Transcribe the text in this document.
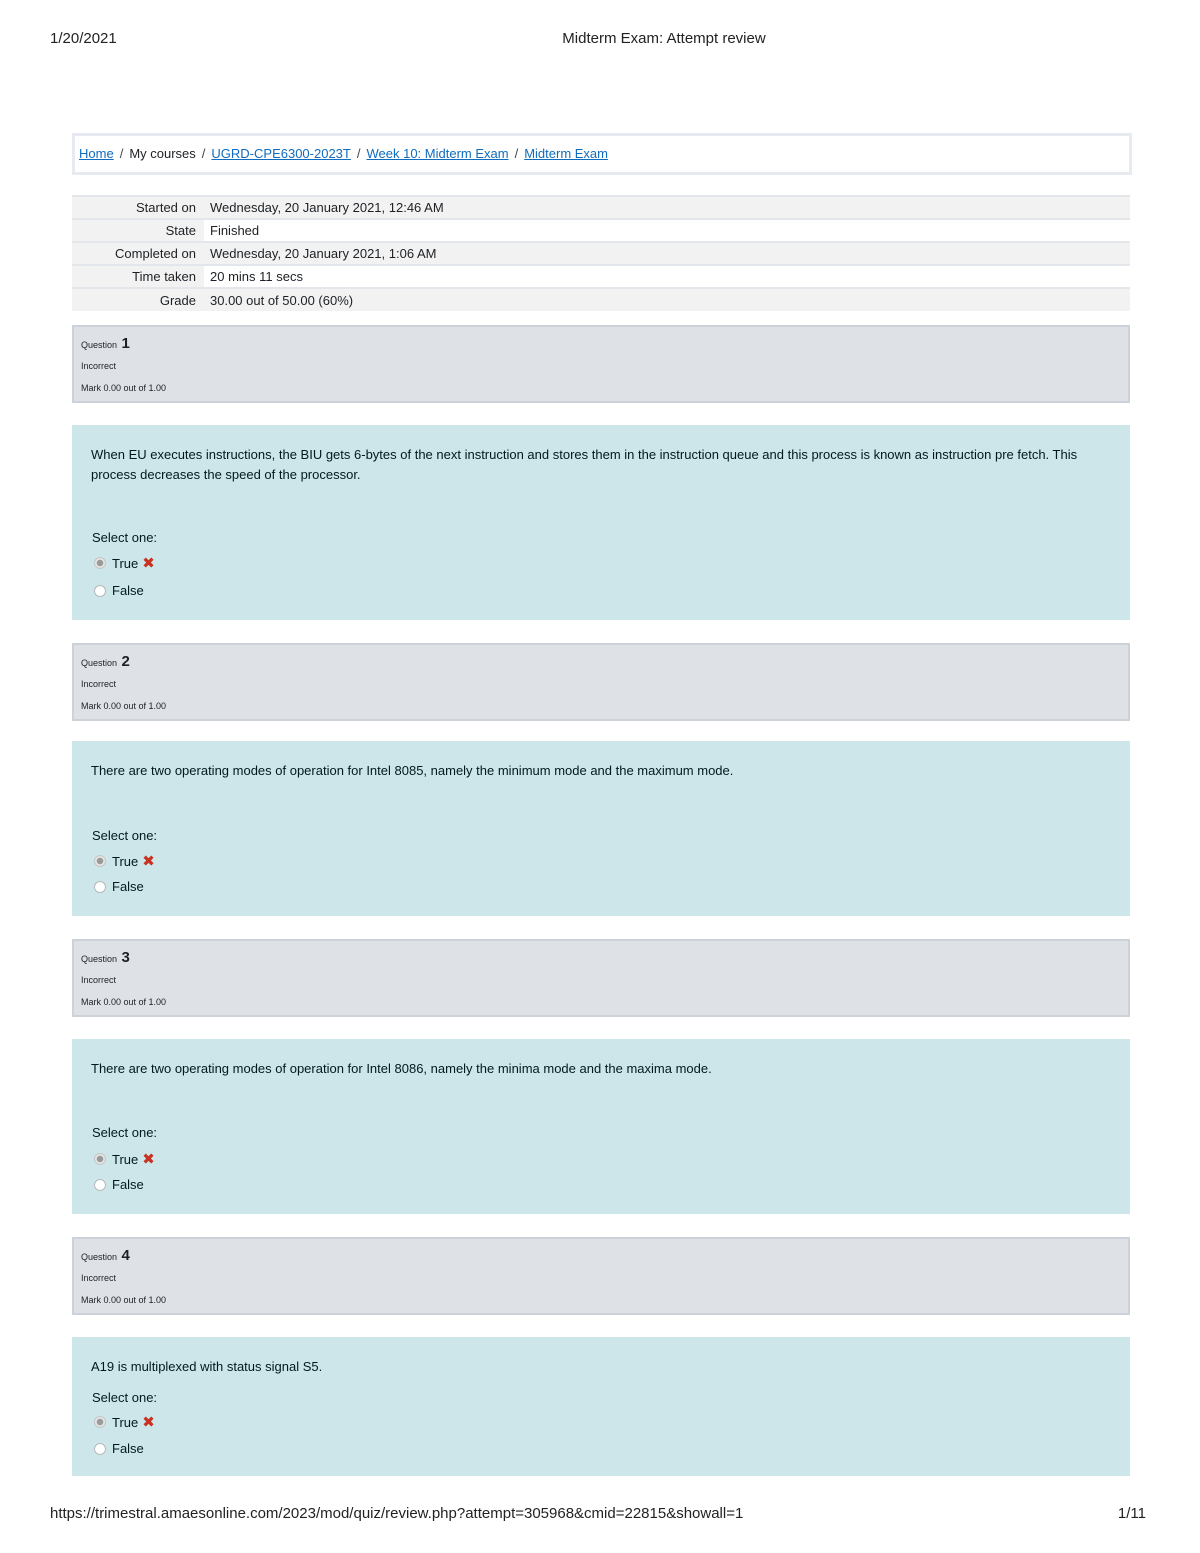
1/20/2021	Midterm Exam: Attempt review
Home / My courses / UGRD-CPE6300-2023T / Week 10: Midterm Exam / Midterm Exam
Started on	Wednesday, 20 January 2021, 12:46 AM
State	Finished
Completed on	Wednesday, 20 January 2021, 1:06 AM
Time taken	20 mins 11 secs
Grade	30.00 out of 50.00 (60%)
Question 1
Incorrect
Mark 0.00 out of 1.00
When EU executes instructions, the BIU gets 6-bytes of the next instruction and stores them in the instruction queue and this process is known as instruction pre fetch. This process decreases the speed of the processor.
Select one:
True ✖
False
Question 2
Incorrect
Mark 0.00 out of 1.00
There are two operating modes of operation for Intel 8085, namely the minimum mode and the maximum mode.
Select one:
True ✖
False
Question 3
Incorrect
Mark 0.00 out of 1.00
There are two operating modes of operation for Intel 8086, namely the minima mode and the maxima mode.
Select one:
True ✖
False
Question 4
Incorrect
Mark 0.00 out of 1.00
A19 is multiplexed with status signal S5.
Select one:
True ✖
False
https://trimestral.amaesonline.com/2023/mod/quiz/review.php?attempt=305968&cmid=22815&showall=1	1/11
